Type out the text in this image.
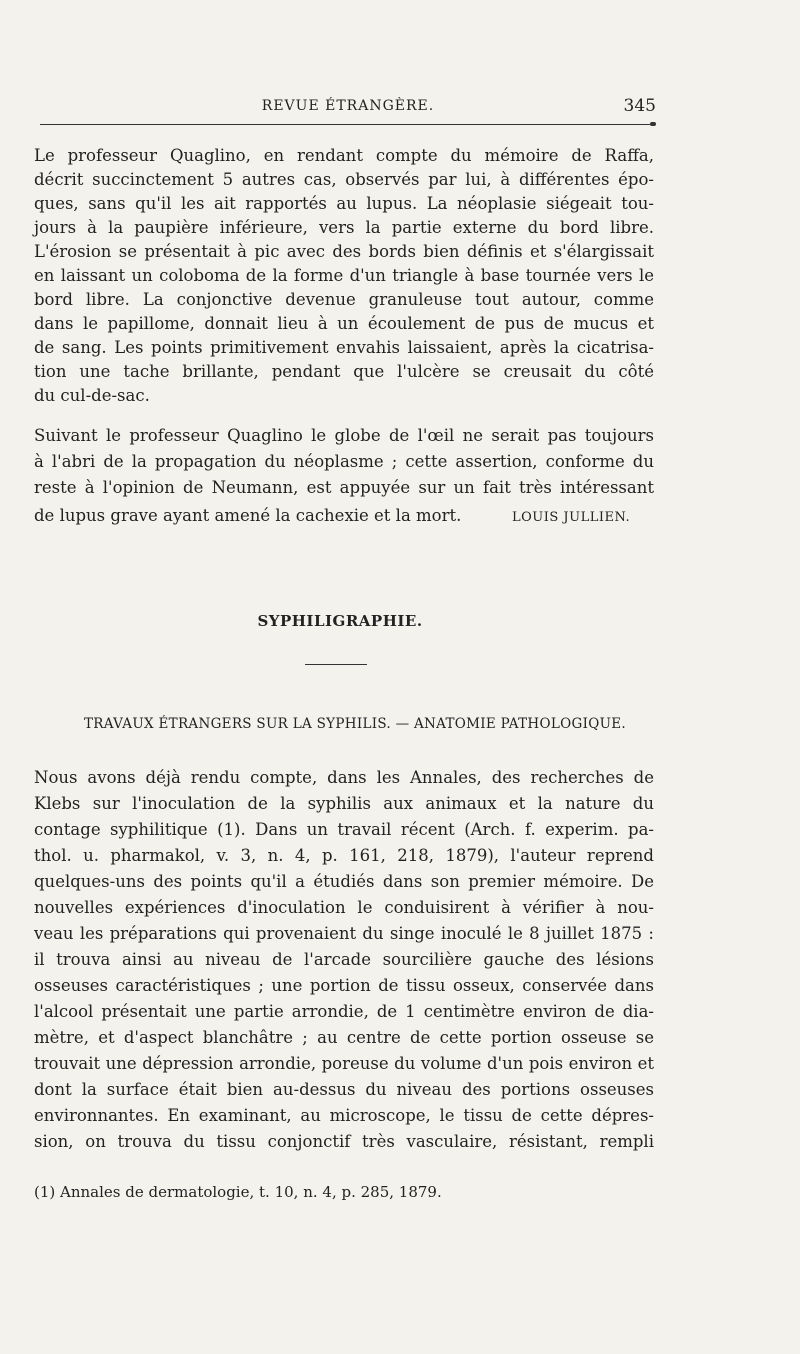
REVUE ÉTRANGÈRE.	345
Le professeur Quaglino, en rendant compte du mémoire de Raffa,
décrit succinctement 5 autres cas, observés par lui, à différentes épo-
ques, sans qu'il les ait rapportés au lupus. La néoplasie siégeait tou-
jours à la paupière inférieure, vers la partie externe du bord libre.
L'érosion se présentait à pic avec des bords bien définis et s'élargissait
en laissant un coloboma de la forme d'un triangle à base tournée vers le
bord libre. La conjonctive devenue granuleuse tout autour, comme
dans le papillome, donnait lieu à un écoulement de pus de mucus et
de sang. Les points primitivement envahis laissaient, après la cicatrisa-
tion une tache brillante, pendant que l'ulcère se creusait du côté
du cul-de-sac.
Suivant le professeur Quaglino le globe de l'œil ne serait pas toujours
à l'abri de la propagation du néoplasme ; cette assertion, conforme du
reste à l'opinion de Neumann, est appuyée sur un fait très intéressant
de lupus grave ayant amené la cachexie et la mort.	LOUIS JULLIEN.
SYPHILIGRAPHIE.
TRAVAUX ÉTRANGERS SUR LA SYPHILIS. — ANATOMIE PATHOLOGIQUE.
Nous avons déjà rendu compte, dans les Annales, des recherches de
Klebs sur l'inoculation de la syphilis aux animaux et la nature du
contage syphilitique (1). Dans un travail récent (Arch. f. experim. pa-
thol. u. pharmakol, v. 3, n. 4, p. 161, 218, 1879), l'auteur reprend
quelques-uns des points qu'il a étudiés dans son premier mémoire. De
nouvelles expériences d'inoculation le conduisirent à vérifier à nou-
veau les préparations qui provenaient du singe inoculé le 8 juillet 1875 :
il trouva ainsi au niveau de l'arcade sourcilière gauche des lésions
osseuses caractéristiques ; une portion de tissu osseux, conservée dans
l'alcool présentait une partie arrondie, de 1 centimètre environ de dia-
mètre, et d'aspect blanchâtre ; au centre de cette portion osseuse se
trouvait une dépression arrondie, poreuse du volume d'un pois environ et
dont la surface était bien au-dessus du niveau des portions osseuses
environnantes. En examinant, au microscope, le tissu de cette dépres-
sion, on trouva du tissu conjonctif très vasculaire, résistant, rempli
(1) Annales de dermatologie, t. 10, n. 4, p. 285, 1879.
